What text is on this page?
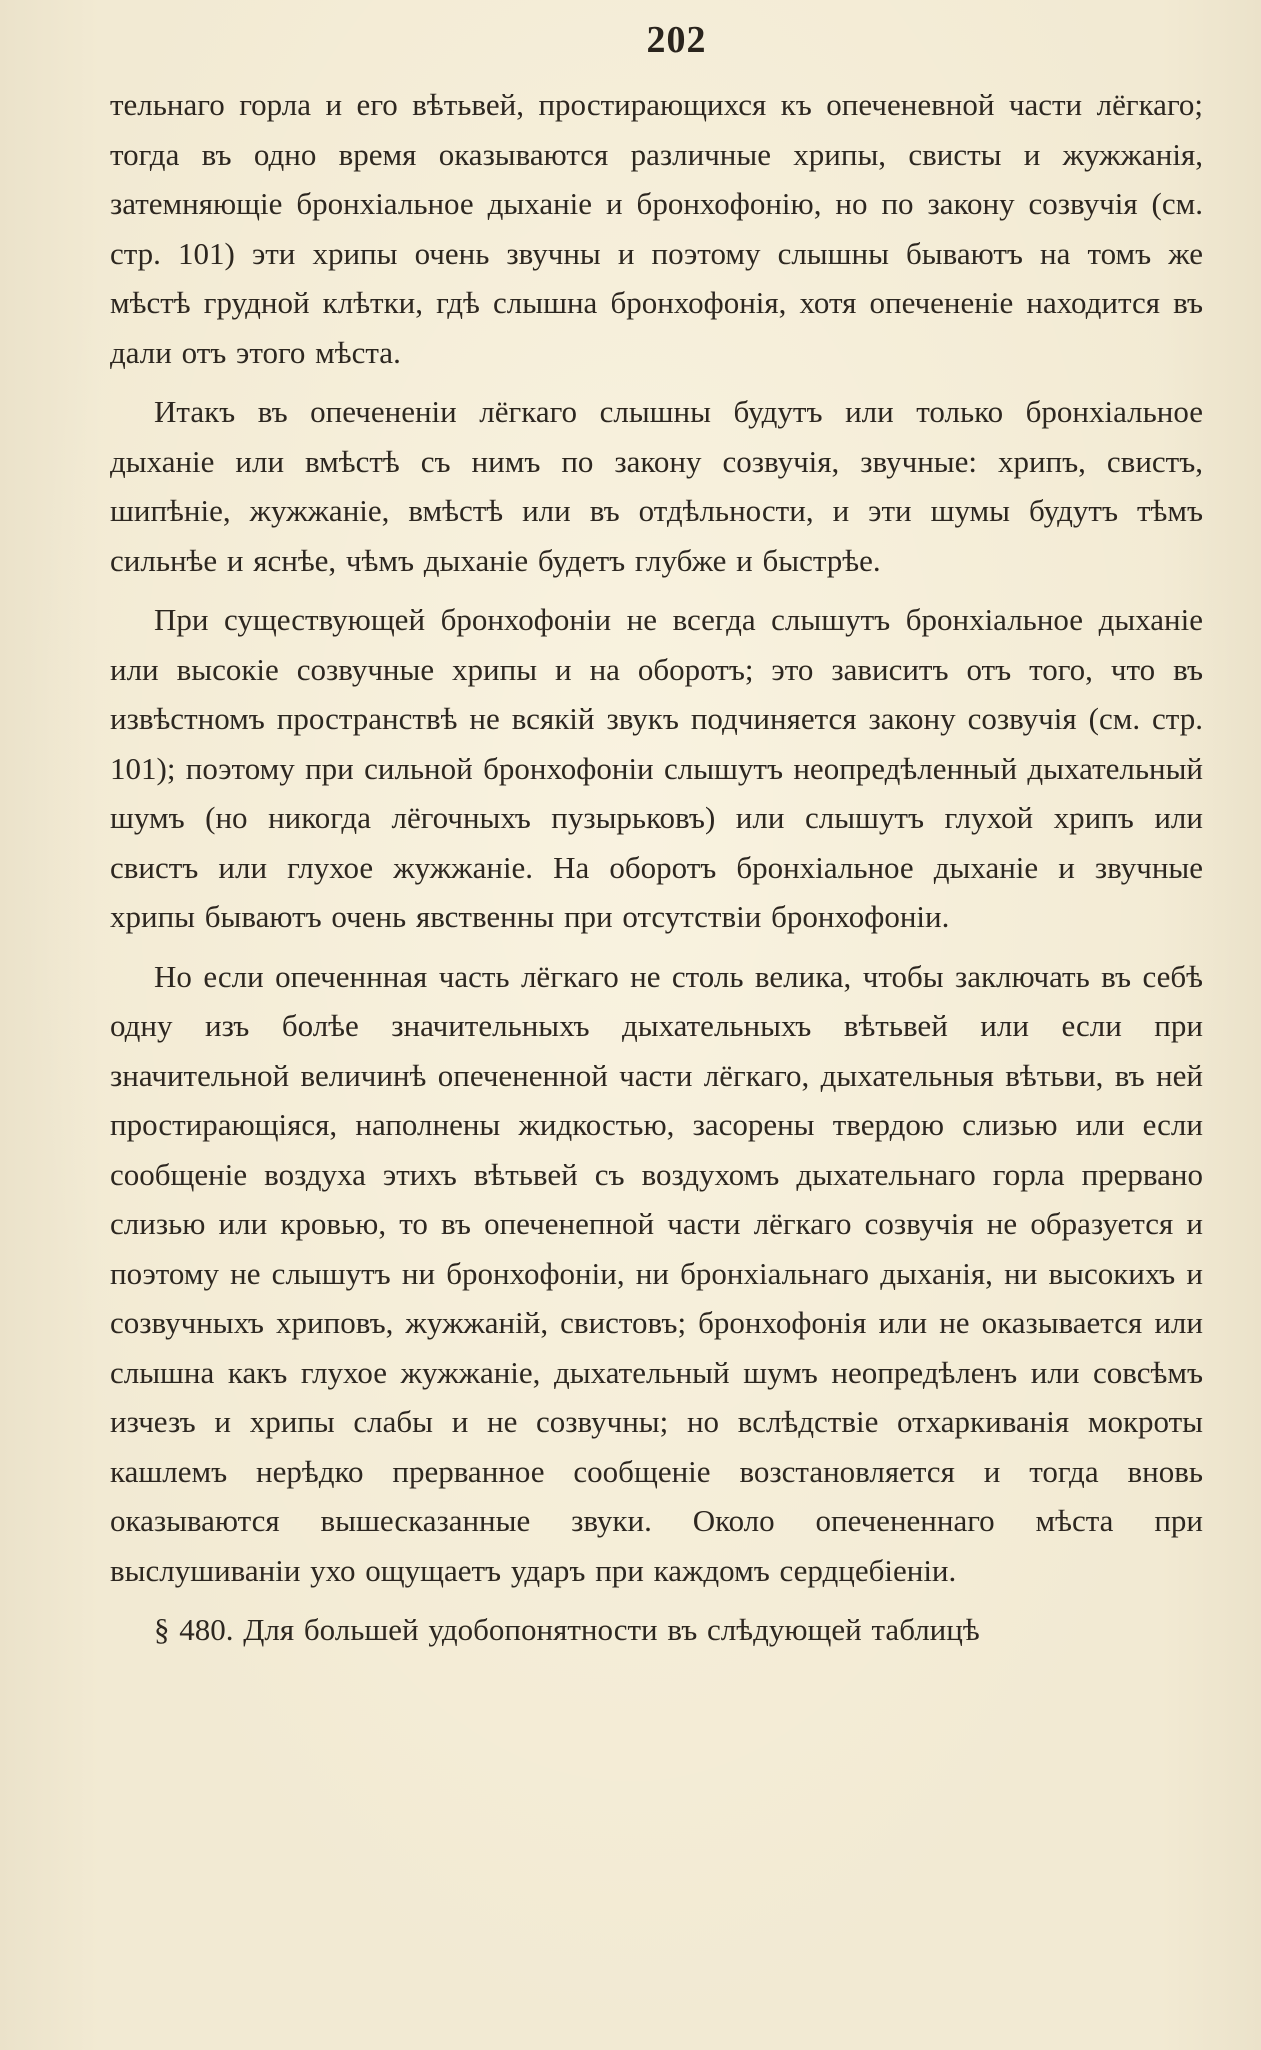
202

тельнаго горла и его вѣтьвей, простирающихся къ опеченевной части лёгкаго; тогда въ одно время оказываются различные хрипы, свисты и жужжанія, затемняющіе бронхіальное дыханіе и бронхофонію, но по закону созвучія (см. стр. 101) эти хрипы очень звучны и поэтому слышны бываютъ на томъ же мѣстѣ грудной клѣтки, гдѣ слышна бронхофонія, хотя опечененіе находится въ дали отъ этого мѣста.

Итакъ въ опечененіи лёгкаго слышны будутъ или только бронхіальное дыханіе или вмѣстѣ съ нимъ по закону созвучія, звучные: хрипъ, свистъ, шипѣніе, жужжаніе, вмѣстѣ или въ отдѣльности, и эти шумы будутъ тѣмъ сильнѣе и яснѣе, чѣмъ дыханіе будетъ глубже и быстрѣе.

При существующей бронхофоніи не всегда слышутъ бронхіальное дыханіе или высокіе созвучные хрипы и на оборотъ; это зависитъ отъ того, что въ извѣстномъ пространствѣ не всякій звукъ подчиняется закону созвучія (см. стр. 101); поэтому при сильной бронхофоніи слышутъ неопредѣленный дыхательный шумъ (но никогда лёгочныхъ пузырьковъ) или слышутъ глухой хрипъ или свистъ или глухое жужжаніе. На оборотъ бронхіальное дыханіе и звучные хрипы бываютъ очень явственны при отсутствіи бронхофоніи.

Но если опеченнная часть лёгкаго не столь велика, чтобы заключать въ себѣ одну изъ болѣе значительныхъ дыхательныхъ вѣтьвей или если при значительной величинѣ опечененной части лёгкаго, дыхательныя вѣтьви, въ ней простирающіяся, наполнены жидкостью, засорены твердою слизью или если сообщеніе воздуха этихъ вѣтьвей съ воздухомъ дыхательнаго горла прервано слизью или кровью, то въ опеченепной части лёгкаго созвучія не образуется и поэтому не слышутъ ни бронхофоніи, ни бронхіальнаго дыханія, ни высокихъ и созвучныхъ хриповъ, жужжаній, свистовъ; бронхофонія или не оказывается или слышна какъ глухое жужжаніе, дыхательный шумъ неопредѣленъ или совсѣмъ изчезъ и хрипы слабы и не созвучны; но вслѣдствіе отхаркиванія мокроты кашлемъ нерѣдко прерванное сообщеніе возстановляется и тогда вновь оказываются вышесказанные звуки. Около опечененнаго мѣста при выслушиваніи ухо ощущаетъ ударъ при каждомъ сердцебіеніи.

§ 480. Для большей удобопонятности въ слѣдующей таблицѣ
